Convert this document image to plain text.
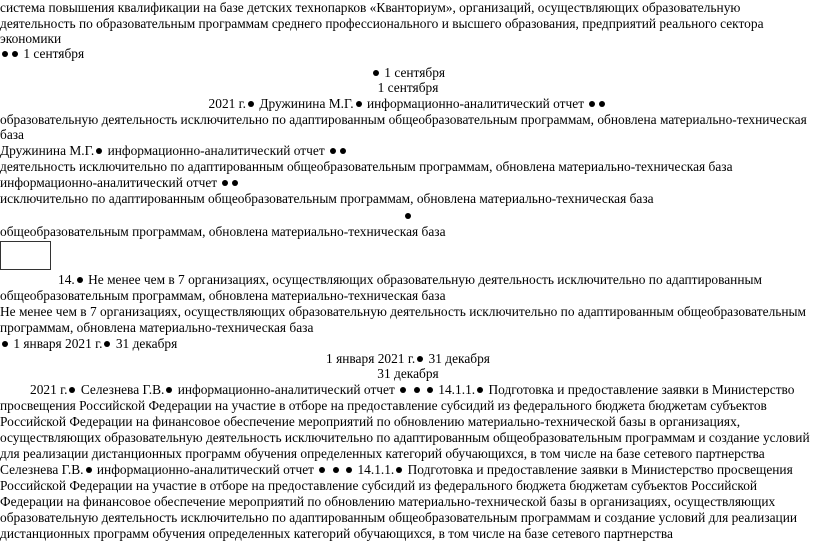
система повышения квалификации на базе детских технопарков «Кванториум», организаций, осуществляющих образовательную
деятельность по образовательным программам среднего профессионального и высшего образования, предприятий реального сектора
экономики
1 сентября
1 сентября
1 сентября
2021 г. Дружинина М.Г. информационно-аналитический отчет
образовательную деятельность исключительно по адаптированным общеобразовательным программам, обновлена материально-техническая
база
Дружинина М.Г. информационно-аналитический отчет
деятельность исключительно по адаптированным общеобразовательным программам, обновлена материально-техническая база
информационно-аналитический отчет
исключительно по адаптированным общеобразовательным программам, обновлена материально-техническая база
общеобразовательным программам, обновлена материально-техническая база
14. Не менее чем в 7 организациях, осуществляющих образовательную деятельность исключительно по адаптированным
общеобразовательным программам, обновлена материально-техническая база
Не менее чем в 7 организациях, осуществляющих образовательную деятельность исключительно по адаптированным общеобразовательным
программам, обновлена материально-техническая база
1 января 2021 г. 31 декабря
1 января 2021 г. 31 декабря
31 декабря
2021 г. Селезнева Г.В. информационно-аналитический отчет	14.1.1. Подготовка и предоставление заявки в Министерство просвещения Российской Федерации на участие в отборе на предоставление субсидий из федерального бюджета бюджетам субъектов Российской Федерации на финансовое обеспечение мероприятий по обновлению материально-технической базы в организациях, осуществляющих образовательную деятельность исключительно по адаптированным общеобразовательным программам и создание условий для реализации дистанционных программ обучения определенных категорий обучающихся, в том числе на базе сетевого партнерства
Селезнева Г.В. информационно-аналитический отчет	14.1.1. Подготовка и предоставление заявки в Министерство просвещения Российской Федерации на участие в отборе на предоставление субсидий из федерального бюджета бюджетам субъектов Российской Федерации на финансовое обеспечение мероприятий по обновлению материально-технической базы в организациях, осуществляющих образовательную деятельность исключительно по адаптированным общеобразовательным программам и создание условий для реализации дистанционных программ обучения определенных категорий обучающихся, в том числе на базе сетевого партнерства
